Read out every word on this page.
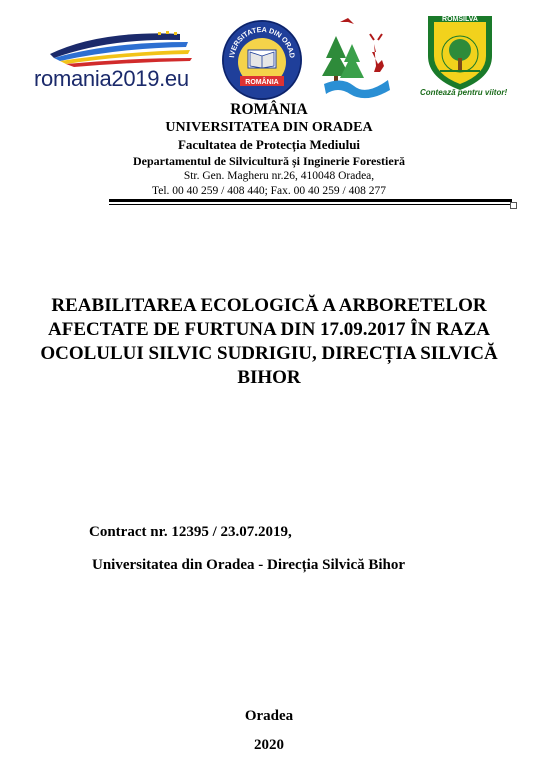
romania2019.eu
IVERSITATEA DIN ORAD
ROMÂNIA
ROMSILVA
Contează pentru viitor!
ROMÂNIA
UNIVERSITATEA DIN ORADEA
Facultatea de Protecția Mediului
Departamentul de Silvicultură și Inginerie Forestieră
Str. Gen. Magheru nr.26, 410048 Oradea,
Tel. 00 40 259 / 408 440; Fax. 00 40 259 / 408 277
REABILITAREA ECOLOGICĂ A ARBORETELOR AFECTATE DE FURTUNA DIN 17.09.2017 ÎN RAZA OCOLULUI SILVIC SUDRIGIU, DIRECȚIA SILVICĂ BIHOR
Contract nr. 12395 / 23.07.2019,
Universitatea din Oradea - Direcția Silvică Bihor
Oradea
2020
